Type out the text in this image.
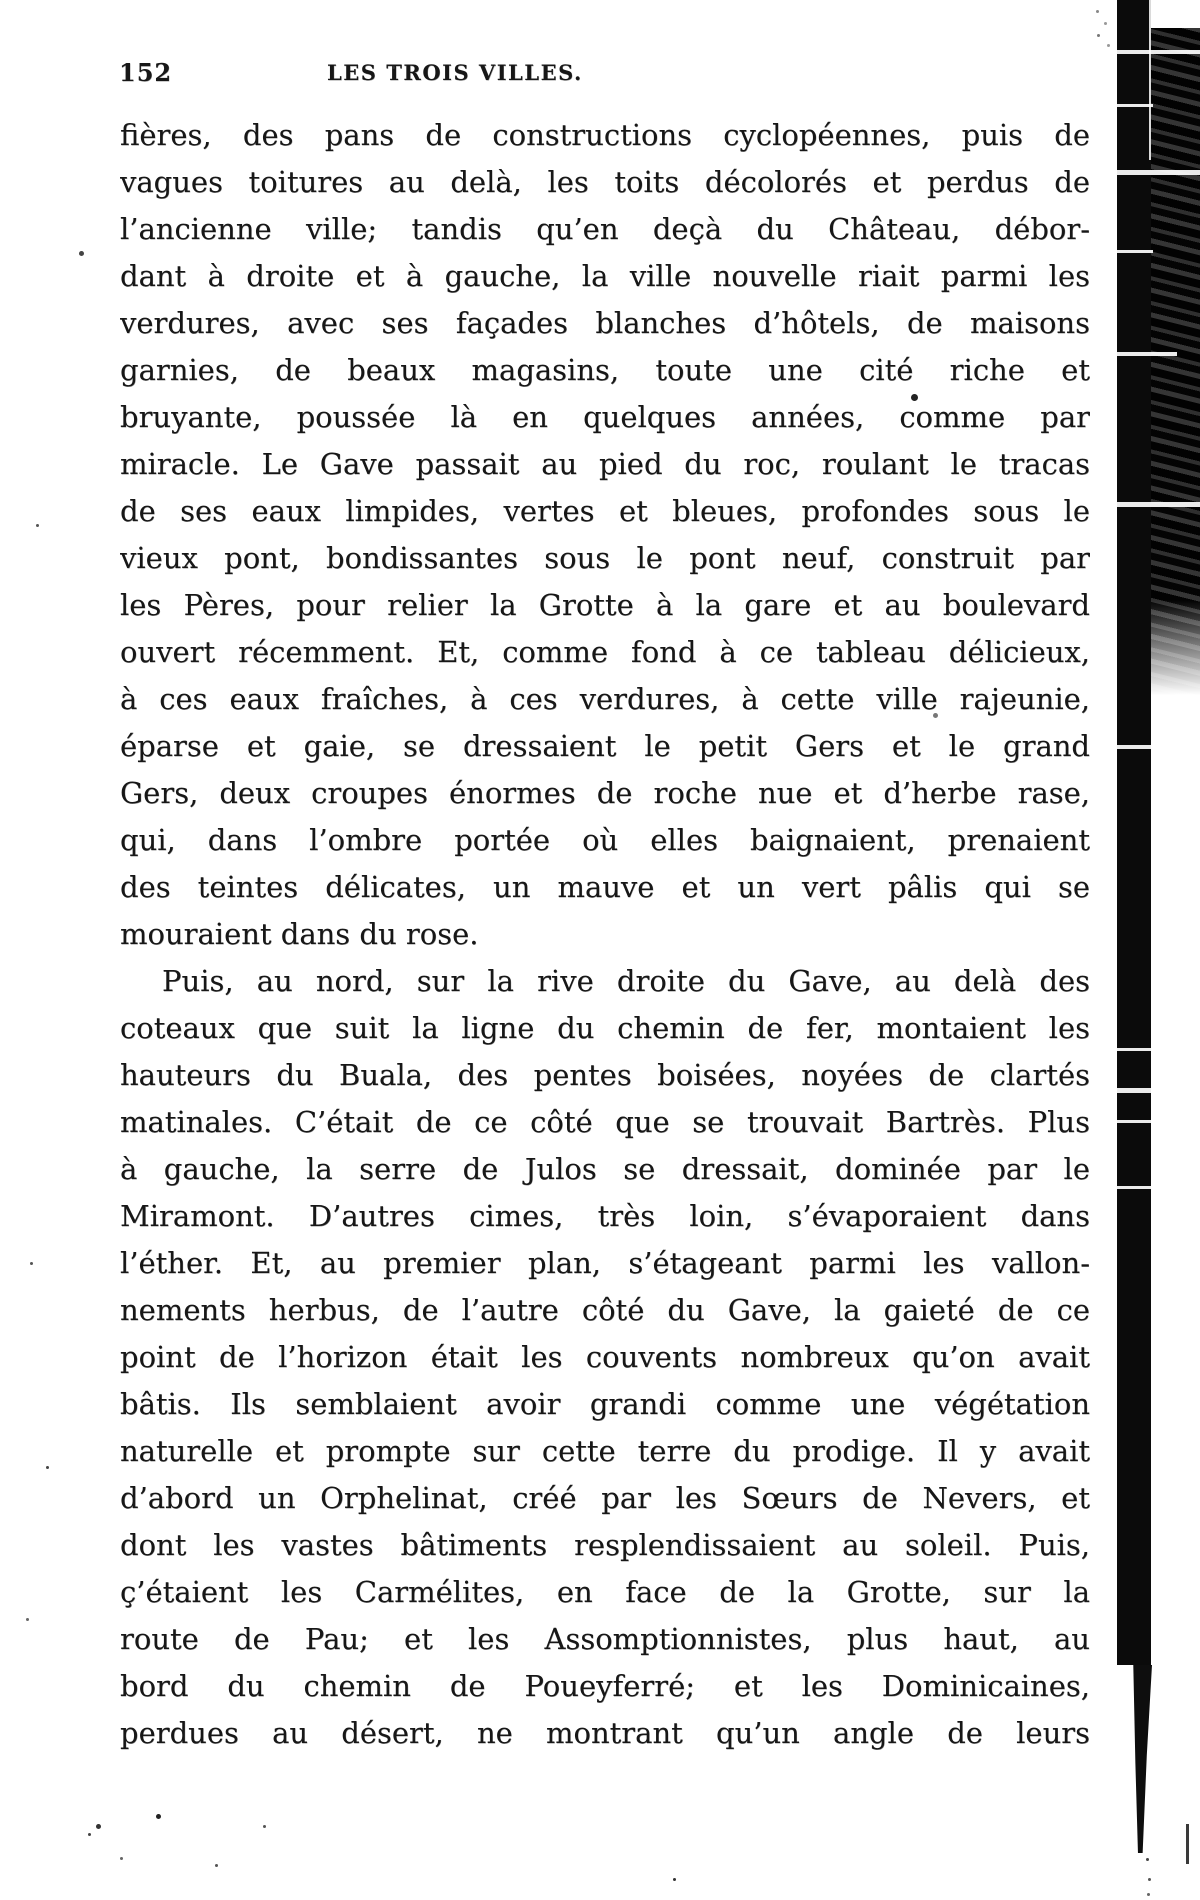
152	LES TROIS VILLES.
fières, des pans de constructions cyclopéennes, puis de
vagues toitures au delà, les toits décolorés et perdus de
l’ancienne ville; tandis qu’en deçà du Château, débor-
dant à droite et à gauche, la ville nouvelle riait parmi les
verdures, avec ses façades blanches d’hôtels, de maisons
garnies, de beaux magasins, toute une cité riche et
bruyante, poussée là en quelques années, comme par
miracle. Le Gave passait au pied du roc, roulant le tracas
de ses eaux limpides, vertes et bleues, profondes sous le
vieux pont, bondissantes sous le pont neuf, construit par
les Pères, pour relier la Grotte à la gare et au boulevard
ouvert récemment. Et, comme fond à ce tableau délicieux,
à ces eaux fraîches, à ces verdures, à cette ville rajeunie,
éparse et gaie, se dressaient le petit Gers et le grand
Gers, deux croupes énormes de roche nue et d’herbe rase,
qui, dans l’ombre portée où elles baignaient, prenaient
des teintes délicates, un mauve et un vert pâlis qui se
mouraient dans du rose.
Puis, au nord, sur la rive droite du Gave, au delà des
coteaux que suit la ligne du chemin de fer, montaient les
hauteurs du Buala, des pentes boisées, noyées de clartés
matinales. C’était de ce côté que se trouvait Bartrès. Plus
à gauche, la serre de Julos se dressait, dominée par le
Miramont. D’autres cimes, très loin, s’évaporaient dans
l’éther. Et, au premier plan, s’étageant parmi les vallon-
nements herbus, de l’autre côté du Gave, la gaieté de ce
point de l’horizon était les couvents nombreux qu’on avait
bâtis. Ils semblaient avoir grandi comme une végétation
naturelle et prompte sur cette terre du prodige. Il y avait
d’abord un Orphelinat, créé par les Sœurs de Nevers, et
dont les vastes bâtiments resplendissaient au soleil. Puis,
ç’étaient les Carmélites, en face de la Grotte, sur la
route de Pau; et les Assomptionnistes, plus haut, au
bord du chemin de Poueyferré; et les Dominicaines,
perdues au désert, ne montrant qu’un angle de leurs
